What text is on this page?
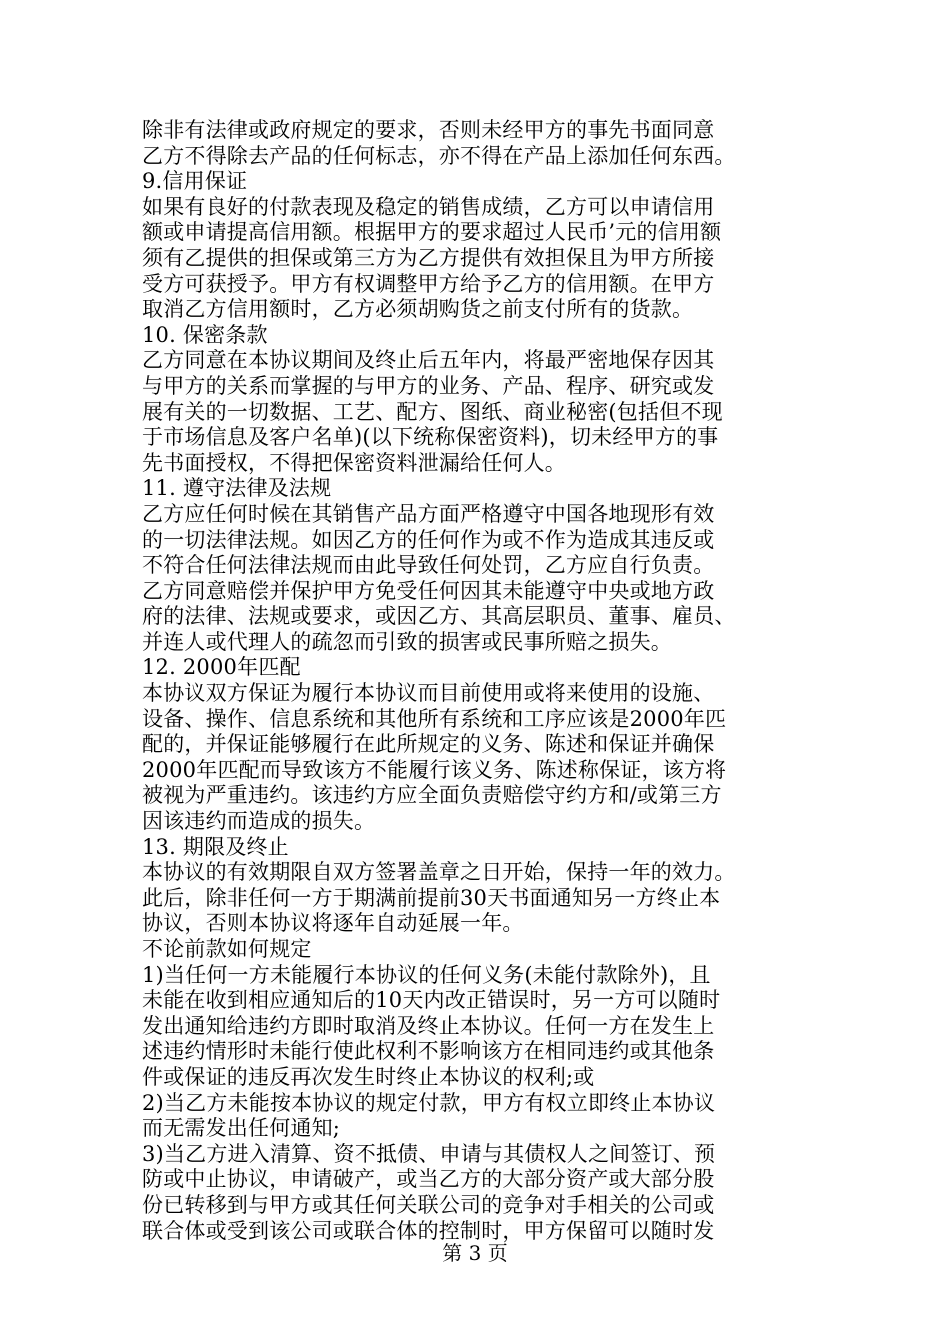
除非有法律或政府规定的要求，否则未经甲方的事先书面同意
乙方不得除去产品的任何标志，亦不得在产品上添加任何东西。
9.信用保证
如果有良好的付款表现及稳定的销售成绩，乙方可以申请信用
额或申请提高信用额。根据甲方的要求超过人民币’元的信用额
须有乙提供的担保或第三方为乙方提供有效担保且为甲方所接
受方可获授予。甲方有权调整甲方给予乙方的信用额。在甲方
取消乙方信用额时，乙方必须胡购货之前支付所有的货款。
10. 保密条款
乙方同意在本协议期间及终止后五年内，将最严密地保存因其
与甲方的关系而掌握的与甲方的业务、产品、程序、研究或发
展有关的一切数据、工艺、配方、图纸、商业秘密(包括但不现
于市场信息及客户名单)(以下统称保密资料)，切未经甲方的事
先书面授权，不得把保密资料泄漏给任何人。
11. 遵守法律及法规
乙方应任何时候在其销售产品方面严格遵守中国各地现形有效
的一切法律法规。如因乙方的任何作为或不作为造成其违反或
不符合任何法律法规而由此导致任何处罚，乙方应自行负责。
乙方同意赔偿并保护甲方免受任何因其未能遵守中央或地方政
府的法律、法规或要求，或因乙方、其高层职员、董事、雇员、
并连人或代理人的疏忽而引致的损害或民事所赔之损失。
12. 2000年匹配
本协议双方保证为履行本协议而目前使用或将来使用的设施、
设备、操作、信息系统和其他所有系统和工序应该是2000年匹
配的，并保证能够履行在此所规定的义务、陈述和保证并确保
2000年匹配而导致该方不能履行该义务、陈述称保证，该方将
被视为严重违约。该违约方应全面负责赔偿守约方和/或第三方
因该违约而造成的损失。
13. 期限及终止
本协议的有效期限自双方签署盖章之日开始，保持一年的效力。
此后，除非任何一方于期满前提前30天书面通知另一方终止本
协议，否则本协议将逐年自动延展一年。
不论前款如何规定
1)当任何一方未能履行本协议的任何义务(未能付款除外)，且
未能在收到相应通知后的10天内改正错误时，另一方可以随时
发出通知给违约方即时取消及终止本协议。任何一方在发生上
述违约情形时未能行使此权利不影响该方在相同违约或其他条
件或保证的违反再次发生时终止本协议的权利;或
2)当乙方未能按本协议的规定付款，甲方有权立即终止本协议
而无需发出任何通知;
3)当乙方进入清算、资不抵债、申请与其债权人之间签订、预
防或中止协议，申请破产，或当乙方的大部分资产或大部分股
份已转移到与甲方或其任何关联公司的竞争对手相关的公司或
联合体或受到该公司或联合体的控制时，甲方保留可以随时发
第 3 页
